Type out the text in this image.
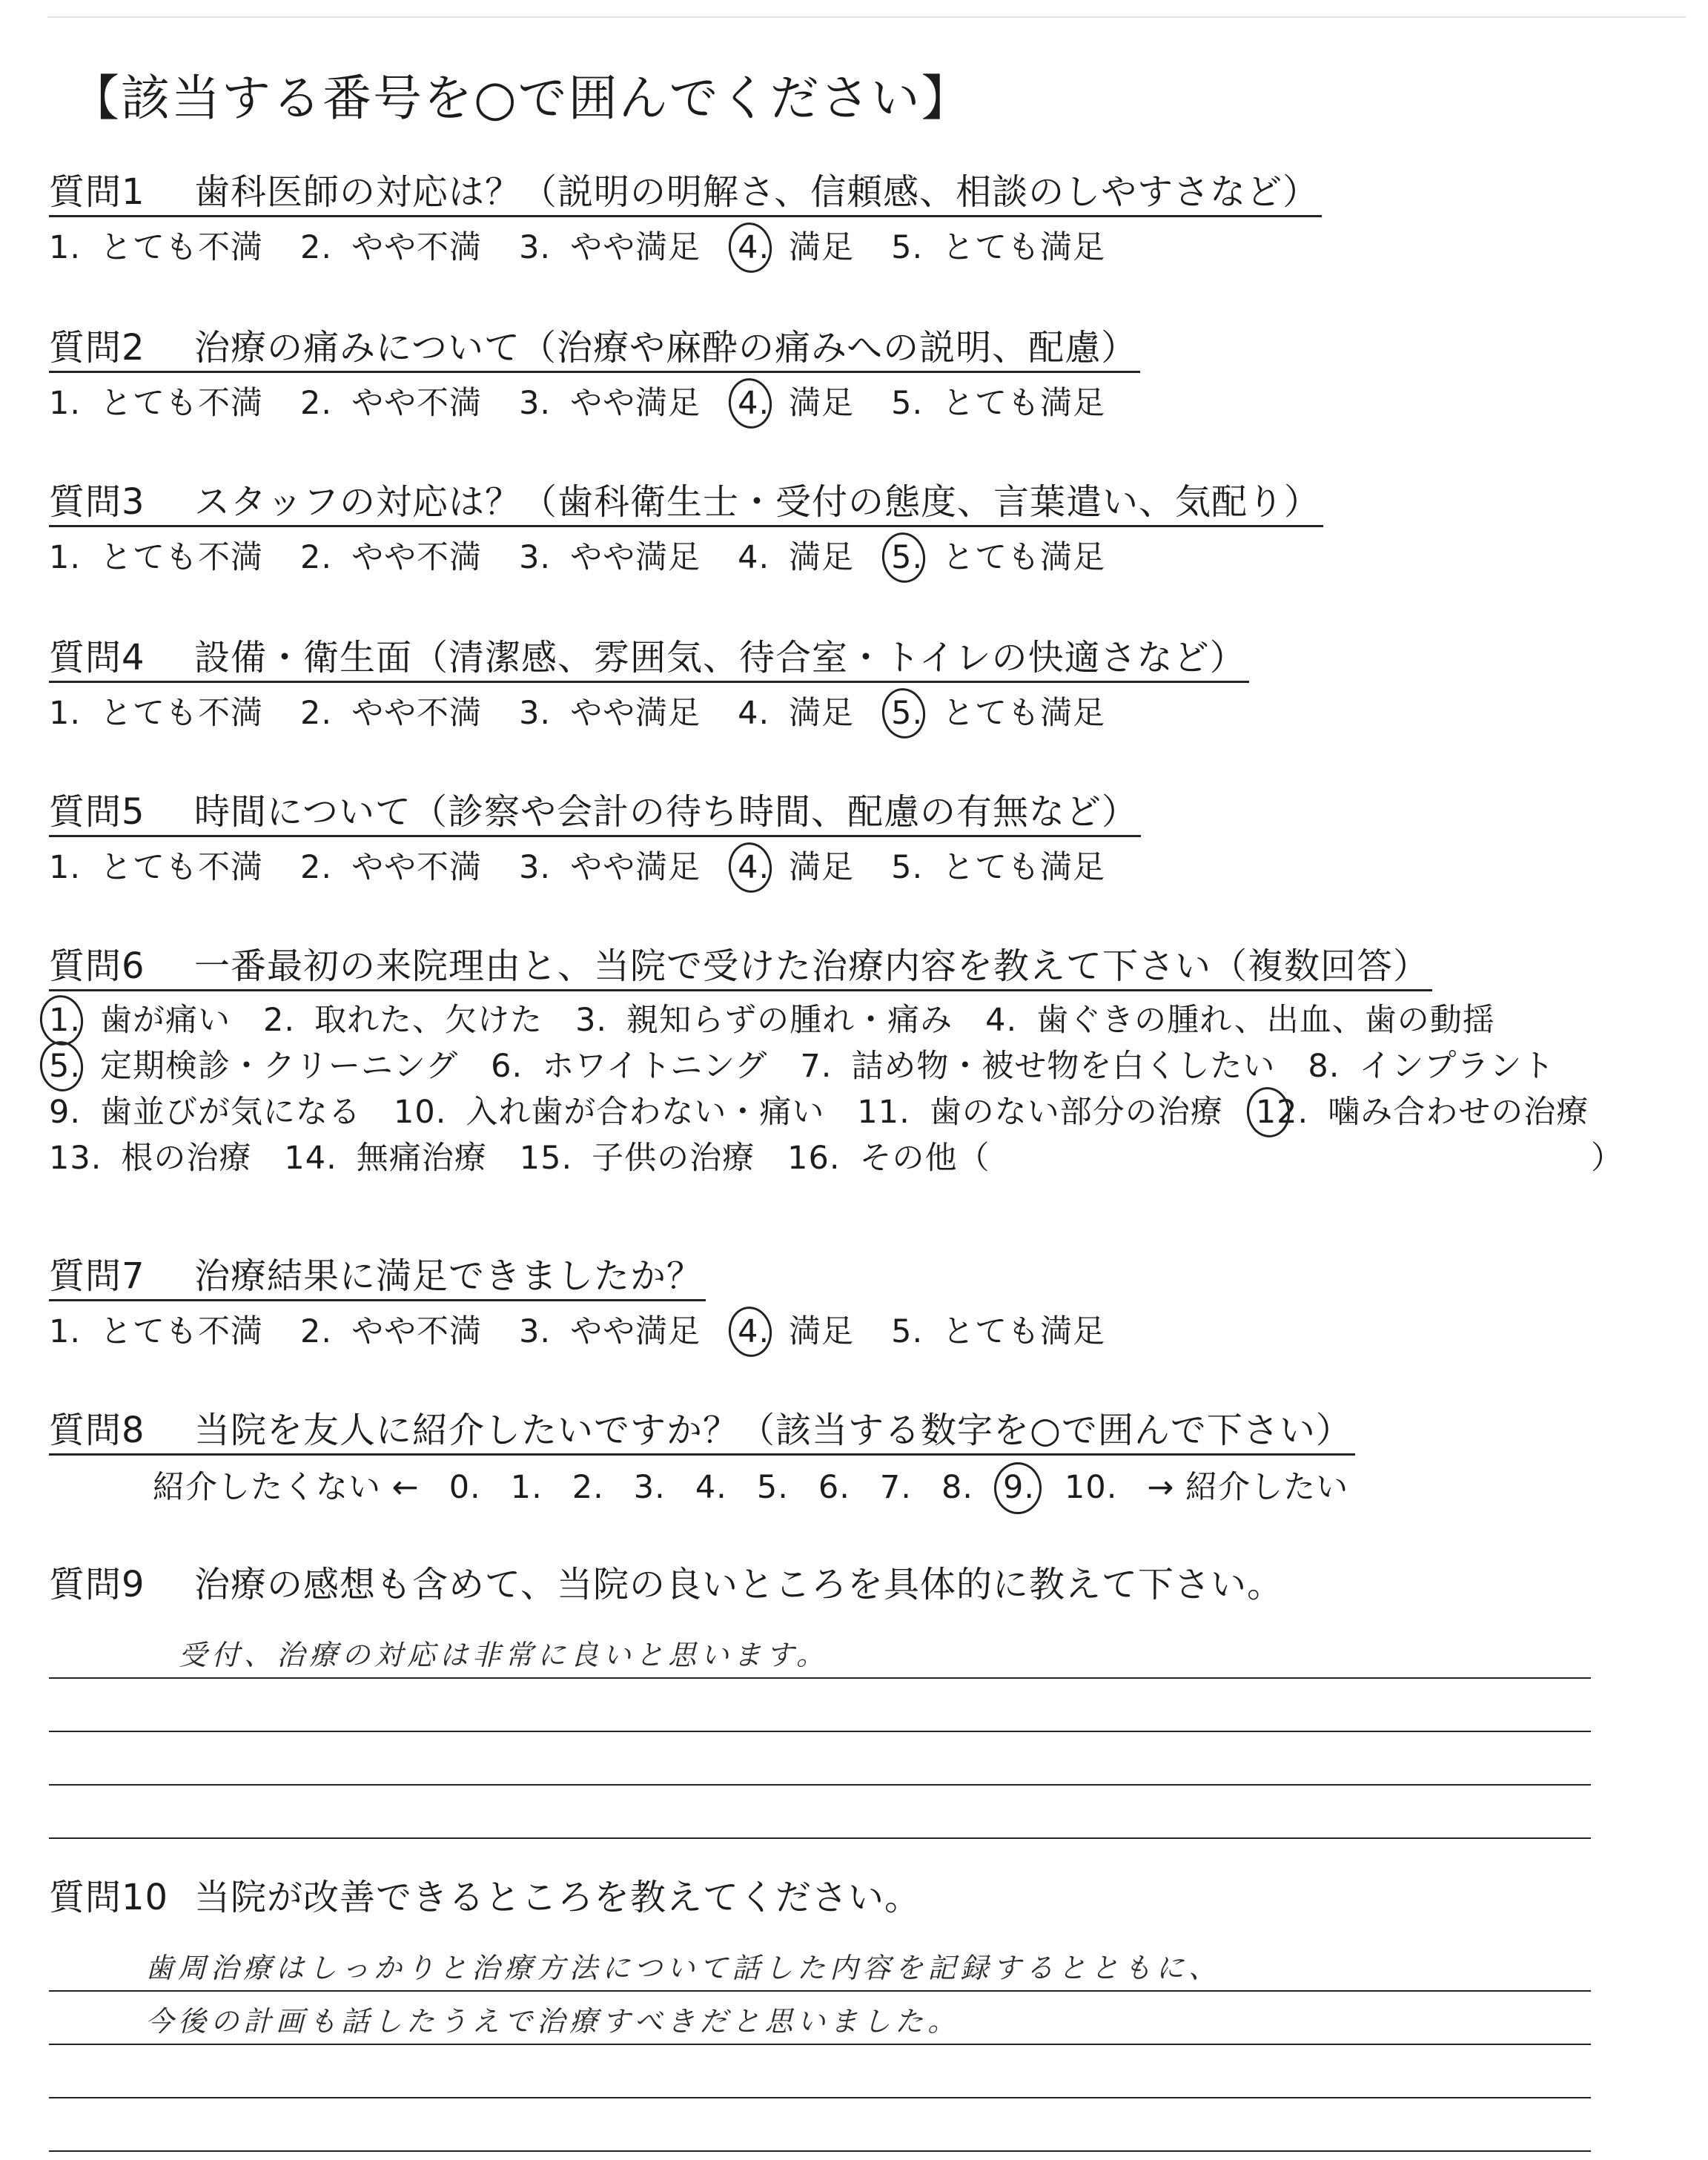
【該当する番号を○で囲んでください】
質問1 歯科医師の対応は？（説明の明解さ、信頼感、相談のしやすさなど）
1. とても不満 2. やや不満 3. やや満足 4. 満足 5. とても満足
質問2 治療の痛みについて（治療や麻酔の痛みへの説明、配慮）
1. とても不満 2. やや不満 3. やや満足 4. 満足 5. とても満足
質問3 スタッフの対応は？（歯科衛生士・受付の態度、言葉遣い、気配り）
1. とても不満 2. やや不満 3. やや満足 4. 満足 5. とても満足
質問4 設備・衛生面（清潔感、雰囲気、待合室・トイレの快適さなど）
1. とても不満 2. やや不満 3. やや満足 4. 満足 5. とても満足
質問5 時間について（診察や会計の待ち時間、配慮の有無など）
1. とても不満 2. やや不満 3. やや満足 4. 満足 5. とても満足
質問6 一番最初の来院理由と、当院で受けた治療内容を教えて下さい（複数回答）
1. 歯が痛い 2. 取れた、欠けた 3. 親知らずの腫れ・痛み 4. 歯ぐきの腫れ、出血、歯の動揺
5. 定期検診・クリーニング 6. ホワイトニング 7. 詰め物・被せ物を白くしたい 8. インプラント
9. 歯並びが気になる 10. 入れ歯が合わない・痛い 11. 歯のない部分の治療 12. 噛み合わせの治療
13. 根の治療 14. 無痛治療 15. 子供の治療 16. その他（	）
質問7 治療結果に満足できましたか？
1. とても不満 2. やや不満 3. やや満足 4. 満足 5. とても満足
質問8 当院を友人に紹介したいですか？（該当する数字を○で囲んで下さい）
紹介したくない ← 0. 1. 2. 3. 4. 5. 6. 7. 8. 9. 10. → 紹介したい
質問9 治療の感想も含めて、当院の良いところを具体的に教えて下さい。
受付、治療の対応は非常に良いと思います。
質問10 当院が改善できるところを教えてください。
歯周治療はしっかりと治療方法について話した内容を記録するとともに、
今後の計画も話したうえで治療すべきだと思いました。
